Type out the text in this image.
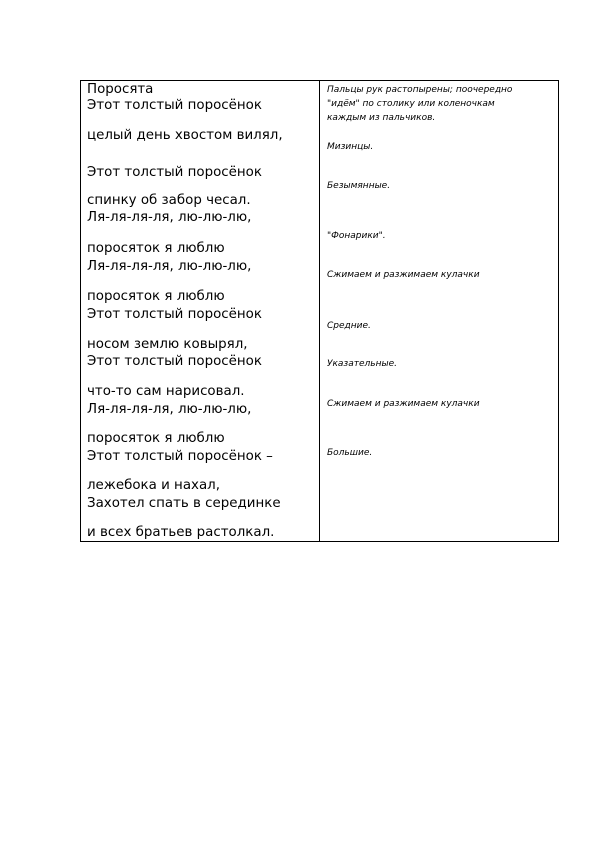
Поросята
Этот толстый поросёнок
целый день хвостом вилял,
Этот толстый поросёнок
спинку об забор чесал.
Ля-ля-ля-ля, лю-лю-лю,
поросяток я люблю
Ля-ля-ля-ля, лю-лю-лю,
поросяток я люблю
Этот толстый поросёнок
носом землю ковырял,
Этот толстый поросёнок
что-то сам нарисовал.
Ля-ля-ля-ля, лю-лю-лю,
поросяток я люблю
Этот толстый поросёнок –
лежебока и нахал,
Захотел спать в серединке
и всех братьев растолкал.
Пальцы рук растопырены; поочередно
"идём" по столику или коленочкам
каждым из пальчиков.
Мизинцы.
Безымянные.
"Фонарики".
Сжимаем и разжимаем кулачки
Средние.
Указательные.
Сжимаем и разжимаем кулачки
Большие.
